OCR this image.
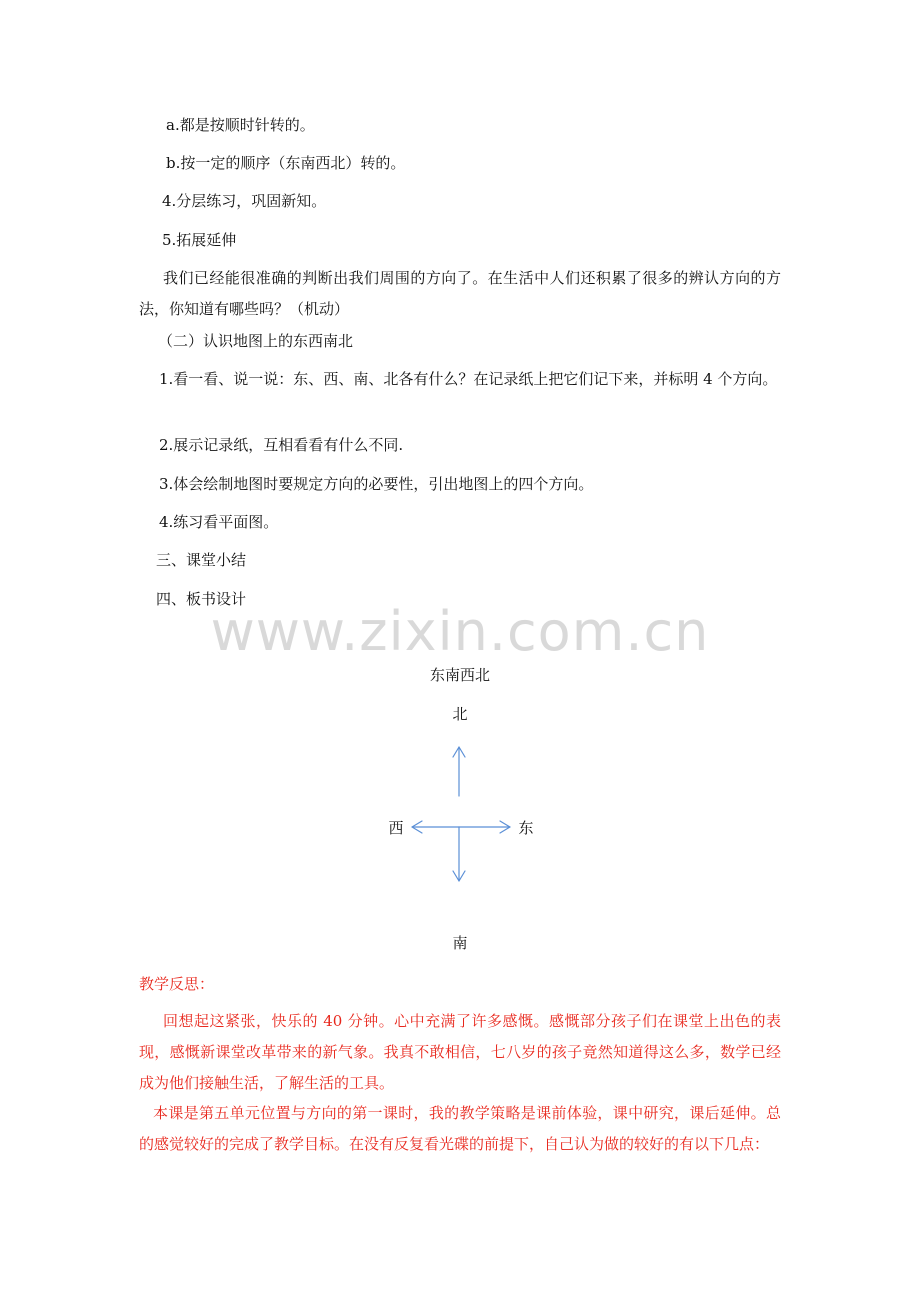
a.都是按顺时针转的。
b.按一定的顺序（东南西北）转的。
4.分层练习，巩固新知。
5.拓展延伸
我们已经能很准确的判断出我们周围的方向了。在生活中人们还积累了很多的辨认方向的方法，你知道有哪些吗？（机动）
（二）认识地图上的东西南北
1.看一看、说一说：东、西、南、北各有什么？在记录纸上把它们记下来，并标明 4 个方向。
2.展示记录纸，互相看看有什么不同.
3.体会绘制地图时要规定方向的必要性，引出地图上的四个方向。
4.练习看平面图。
三、课堂小结
四、板书设计
www.zixin.com.cn
东南西北
北
西	东
南
教学反思：
回想起这紧张，快乐的 40 分钟。心中充满了许多感慨。感慨部分孩子们在课堂上出色的表现，感慨新课堂改革带来的新气象。我真不敢相信，七八岁的孩子竟然知道得这么多，数学已经成为他们接触生活，了解生活的工具。
本课是第五单元位置与方向的第一课时，我的教学策略是课前体验，课中研究，课后延伸。总的感觉较好的完成了教学目标。在没有反复看光碟的前提下，自己认为做的较好的有以下几点：
